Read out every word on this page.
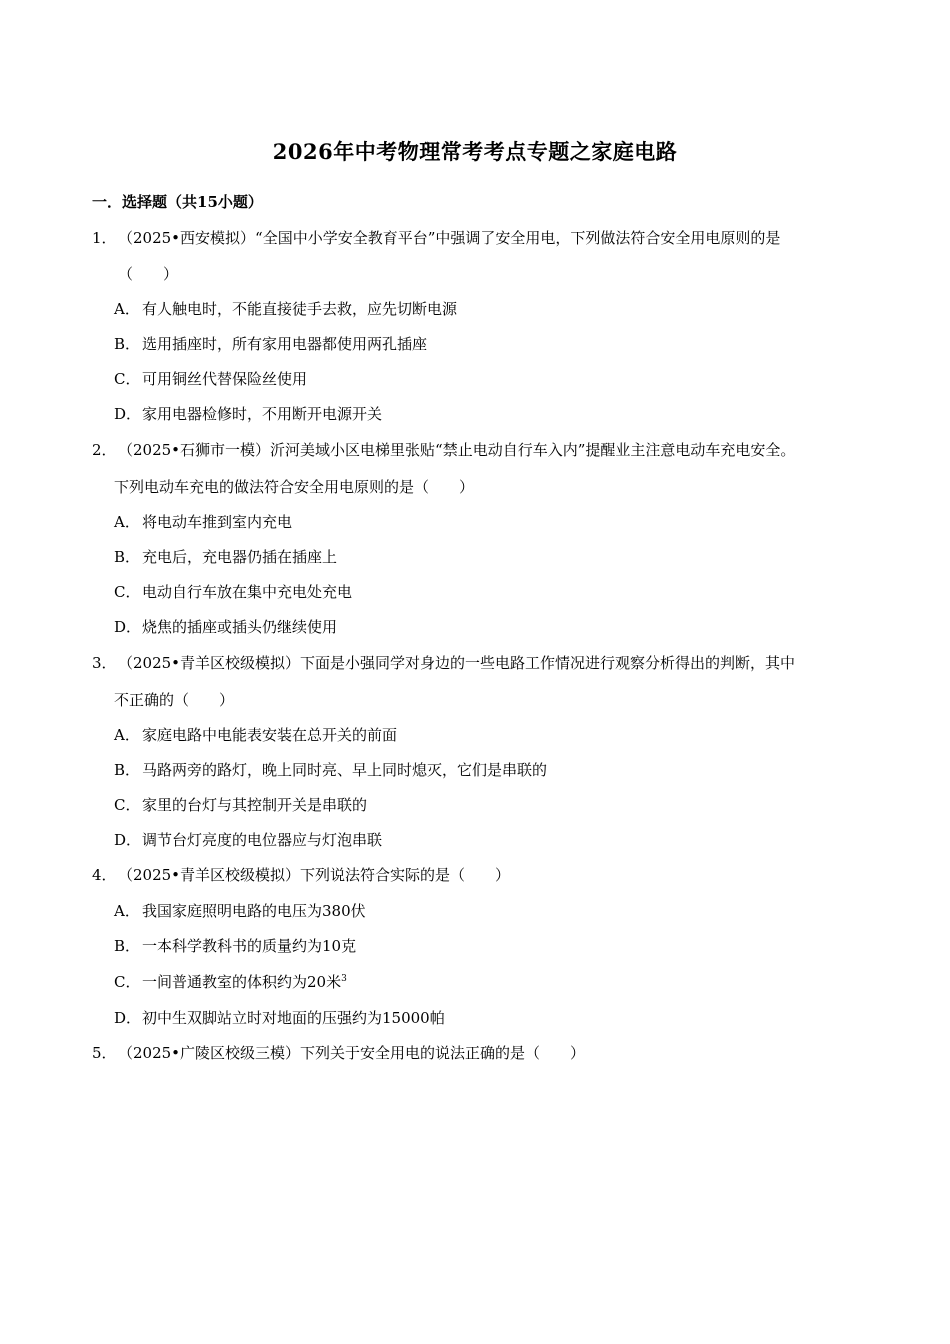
2026年中考物理常考考点专题之家庭电路
一．选择题（共15小题）
1．（2025•西安模拟）“全国中小学安全教育平台”中强调了安全用电，下列做法符合安全用电原则的是
（　　）
A． 有人触电时，不能直接徒手去救，应先切断电源
B． 选用插座时，所有家用电器都使用两孔插座
C． 可用铜丝代替保险丝使用
D．家用电器检修时，不用断开电源开关
2．（2025•石狮市一模）沂河美域小区电梯里张贴“禁止电动自行车入内”提醒业主注意电动车充电安全。
下列电动车充电的做法符合安全用电原则的是（　　）
A． 将电动车推到室内充电
B． 充电后，充电器仍插在插座上
C． 电动自行车放在集中充电处充电
D．烧焦的插座或插头仍继续使用
3．（2025•青羊区校级模拟）下面是小强同学对身边的一些电路工作情况进行观察分析得出的判断，其中
不正确的（　　）
A． 家庭电路中电能表安装在总开关的前面
B． 马路两旁的路灯，晚上同时亮、早上同时熄灭，它们是串联的
C． 家里的台灯与其控制开关是串联的
D．调节台灯亮度的电位器应与灯泡串联
4．（2025•青羊区校级模拟）下列说法符合实际的是（　　）
A． 我国家庭照明电路的电压为380伏
B． 一本科学教科书的质量约为10克
C． 一间普通教室的体积约为20米$^3$
D．初中生双脚站立时对地面的压强约为15000帕
5．（2025•广陵区校级三模）下列关于安全用电的说法正确的是（　　）
